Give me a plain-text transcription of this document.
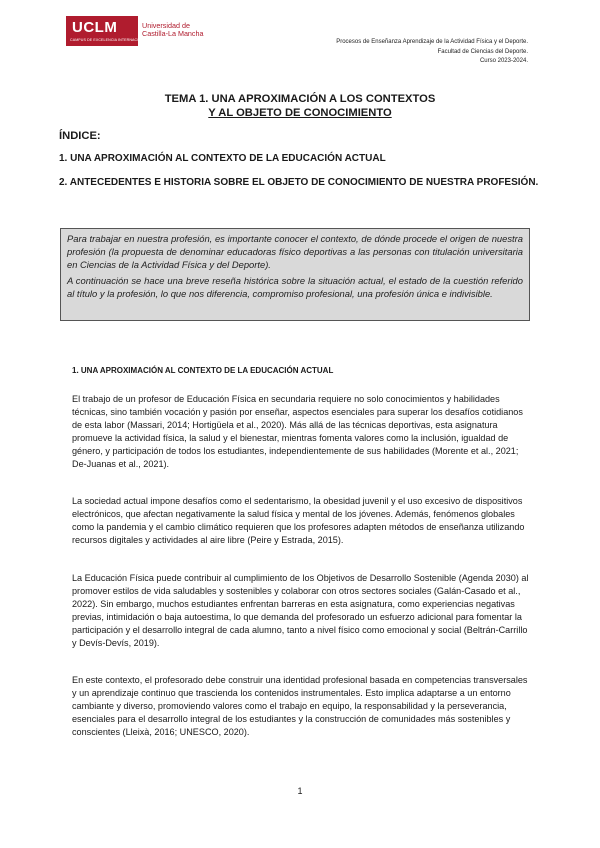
UCLM
CAMPUS DE EXCELENCIA INTERNACIONAL
Universidad de
Castilla-La Mancha
Procesos de Enseñanza Aprendizaje de la Actividad Física y el Deporte.
Facultad de Ciencias del Deporte.
Curso 2023-2024.
TEMA 1. UNA APROXIMACIÓN A LOS CONTEXTOS
Y AL OBJETO DE CONOCIMIENTO
ÍNDICE:
1. UNA APROXIMACIÓN AL CONTEXTO DE LA EDUCACIÓN ACTUAL
2. ANTECEDENTES E HISTORIA SOBRE EL OBJETO DE CONOCIMIENTO DE NUESTRA PROFESIÓN.

Para trabajar en nuestra profesión, es importante conocer el contexto, de dónde procede el origen de nuestra profesión (la propuesta de denominar educadoras físico deportivas a las personas con titulación universitaria en Ciencias de la Actividad Física y del Deporte).

A continuación se hace una breve reseña histórica sobre la situación actual, el estado de la cuestión referido al título y la profesión, lo que nos diferencia, compromiso profesional, una profesión única e indivisible.

1. UNA APROXIMACIÓN AL CONTEXTO DE LA EDUCACIÓN ACTUAL

El trabajo de un profesor de Educación Física en secundaria requiere no solo conocimientos y habilidades técnicas, sino también vocación y pasión por enseñar, aspectos esenciales para superar los desafíos cotidianos de esta labor (Massari, 2014; Hortigüela et al., 2020). Más allá de las técnicas deportivas, esta asignatura promueve la actividad física, la salud y el bienestar, mientras fomenta valores como la inclusión, igualdad de género, y participación de todos los estudiantes, independientemente de sus habilidades (Morente et al., 2021; De-Juanas et al., 2021).

La sociedad actual impone desafíos como el sedentarismo, la obesidad juvenil y el uso excesivo de dispositivos electrónicos, que afectan negativamente la salud física y mental de los jóvenes. Además, fenómenos globales como la pandemia y el cambio climático requieren que los profesores adapten métodos de enseñanza utilizando recursos digitales y actividades al aire libre (Peire y Estrada, 2015).

La Educación Física puede contribuir al cumplimiento de los Objetivos de Desarrollo Sostenible (Agenda 2030) al promover estilos de vida saludables y sostenibles y colaborar con otros sectores sociales (Galán-Casado et al., 2022). Sin embargo, muchos estudiantes enfrentan barreras en esta asignatura, como experiencias negativas previas, intimidación o baja autoestima, lo que demanda del profesorado un esfuerzo adicional para fomentar la participación y el desarrollo integral de cada alumno, tanto a nivel físico como emocional y social (Beltrán-Carrillo y Devís-Devís, 2019).

En este contexto, el profesorado debe construir una identidad profesional basada en competencias transversales y un aprendizaje continuo que trascienda los contenidos instrumentales. Esto implica adaptarse a un entorno cambiante y diverso, promoviendo valores como el trabajo en equipo, la responsabilidad y la perseverancia, esenciales para el desarrollo integral de los estudiantes y la construcción de comunidades más sostenibles y conscientes (Lleixà, 2016; UNESCO, 2020).

1
